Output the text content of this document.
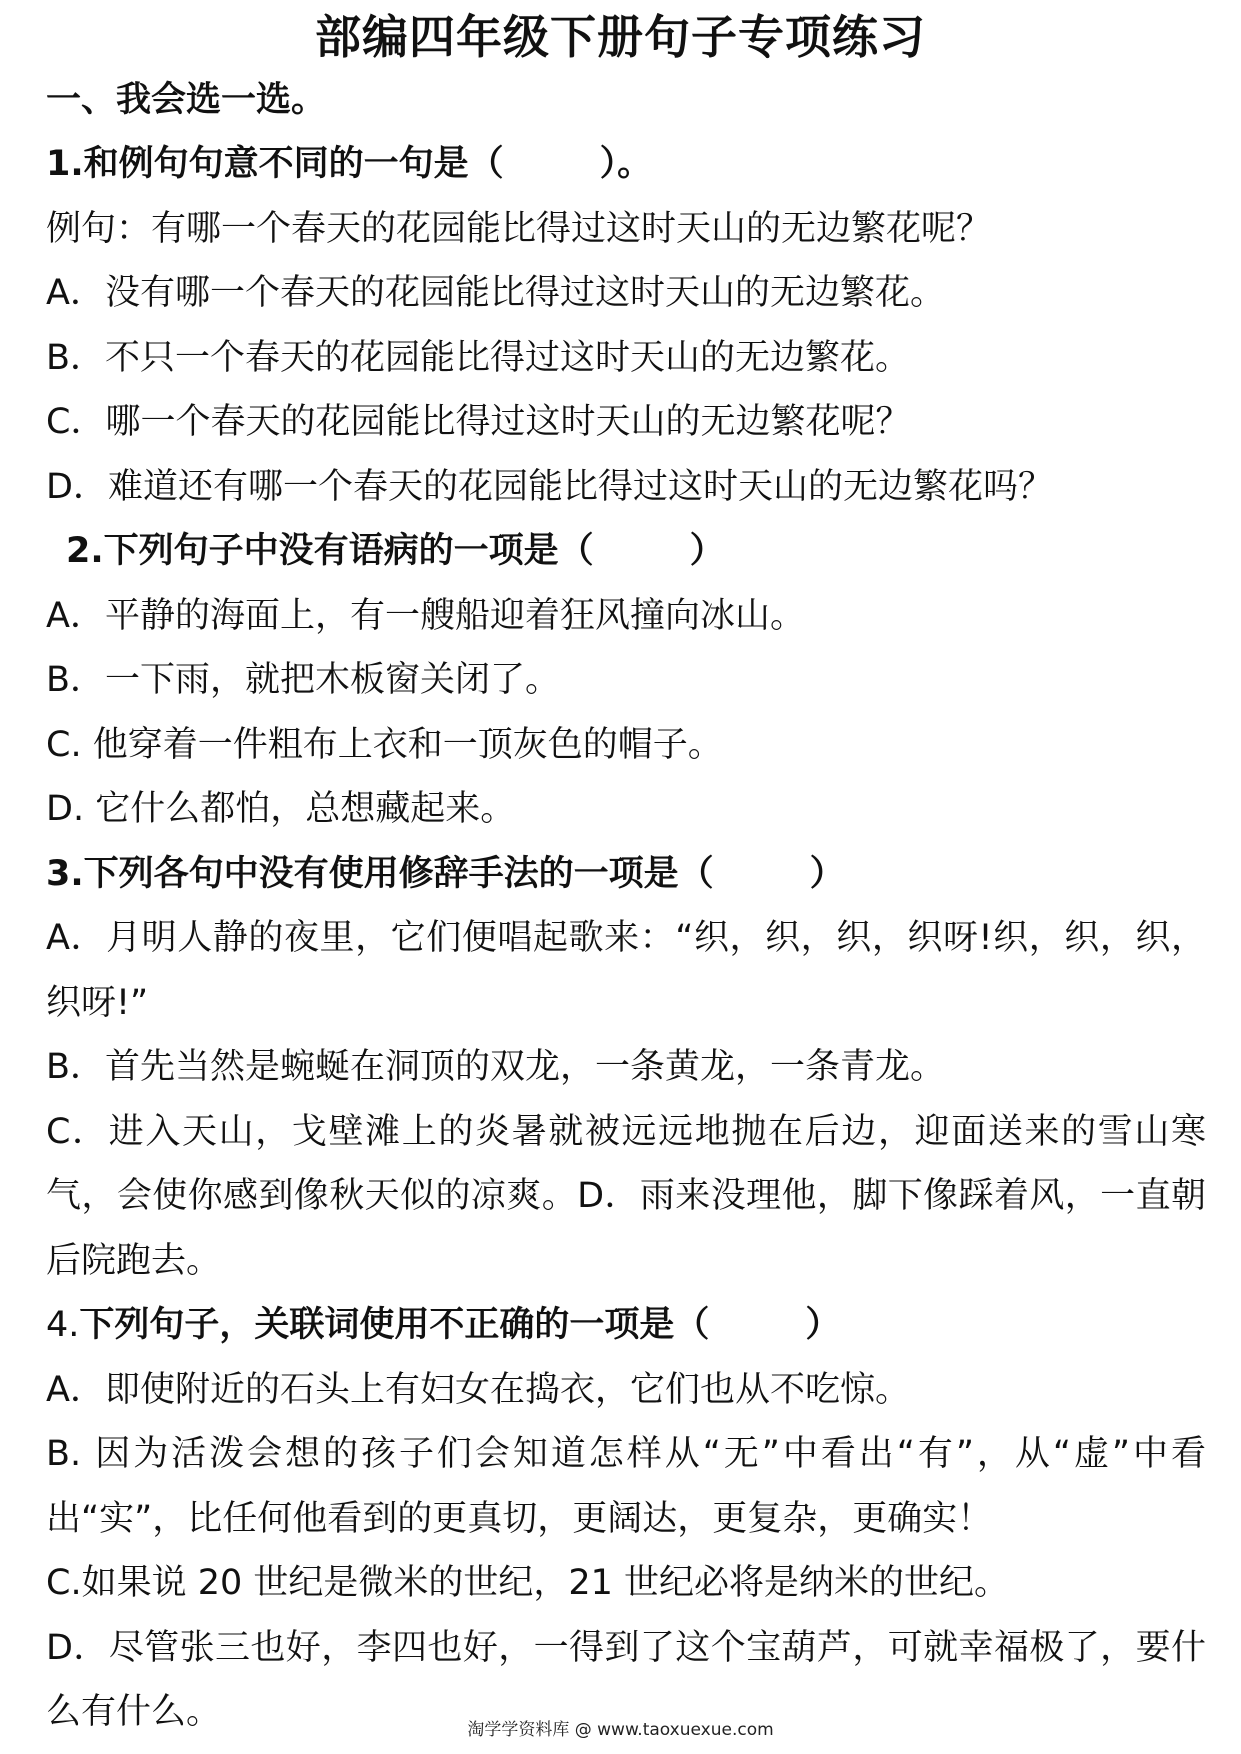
部编四年级下册句子专项练习
一、我会选一选。
1.和例句句意不同的一句是（	）。
例句：有哪一个春天的花园能比得过这时天山的无边繁花呢？
A．没有哪一个春天的花园能比得过这时天山的无边繁花。
B．不只一个春天的花园能比得过这时天山的无边繁花。
C．哪一个春天的花园能比得过这时天山的无边繁花呢？
D．难道还有哪一个春天的花园能比得过这时天山的无边繁花吗？
2.下列句子中没有语病的一项是（	）
A．平静的海面上，有一艘船迎着狂风撞向冰山。
B．一下雨，就把木板窗关闭了。
C. 他穿着一件粗布上衣和一顶灰色的帽子。
D. 它什么都怕，总想藏起来。
3.下列各句中没有使用修辞手法的一项是（	）
A．月明人静的夜里，它们便唱起歌来：“织，织，织，织呀!织，织，织，织呀!”
B．首先当然是蜿蜒在洞顶的双龙，一条黄龙，一条青龙。
C．进入天山，戈壁滩上的炎暑就被远远地抛在后边，迎面送来的雪山寒气，会使你感到像秋天似的凉爽。D．雨来没理他，脚下像踩着风，一直朝后院跑去。
4.下列句子，关联词使用不正确的一项是（	）
A．即使附近的石头上有妇女在捣衣，它们也从不吃惊。
B. 因为活泼会想的孩子们会知道怎样从“无”中看出“有”，从“虚”中看出“实”，比任何他看到的更真切，更阔达，更复杂，更确实！
C.如果说 20 世纪是微米的世纪，21 世纪必将是纳米的世纪。
D．尽管张三也好，李四也好，一得到了这个宝葫芦，可就幸福极了，要什么有什么。	淘学学资料库 @ www.taoxuexue.com
